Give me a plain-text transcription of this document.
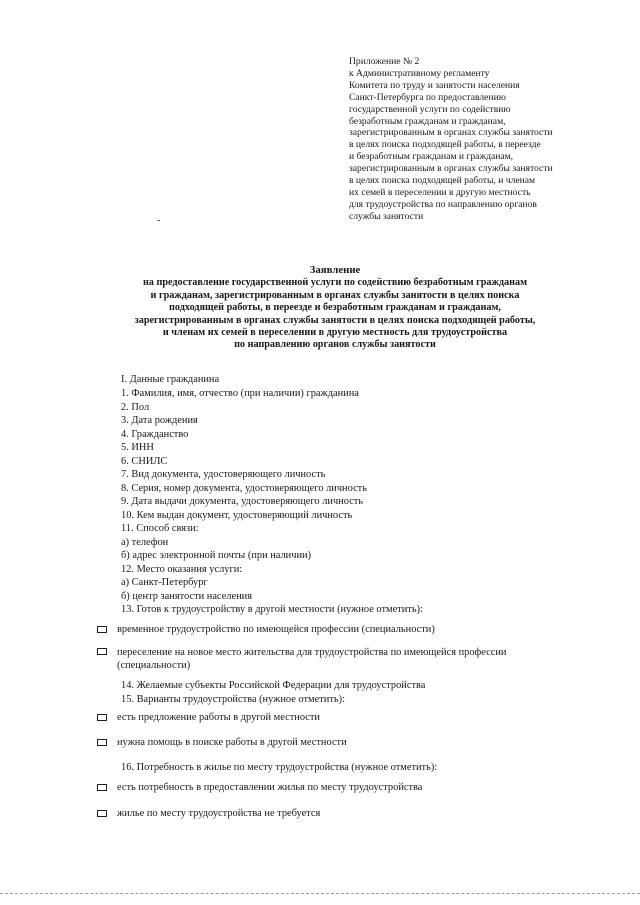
Приложение № 2
к Административному регламенту
Комитета по труду и занятости населения
Санкт-Петербурга по предоставлению
государственной услуги по содействию
безработным гражданам и гражданам,
зарегистрированным в органах службы занятости
в целях поиска подходящей работы, в переезде
и безработным гражданам и гражданам,
зарегистрированным в органах службы занятости
в целях поиска подходящей работы, и членам
их семей в переселении в другую местность
для трудоустройства по направлению органов
службы занятости
Заявление
на предоставление государственной услуги по содействию безработным гражданам
и гражданам, зарегистрированным в органах службы занятости в целях поиска
подходящей работы, в переезде и безработным гражданам и гражданам,
зарегистрированным в органах службы занятости в целях поиска подходящей работы,
и членам их семей в переселении в другую местность для трудоустройства
по направлению органов службы занятости
I. Данные гражданина
1. Фамилия, имя, отчество (при наличии) гражданина
2. Пол
3. Дата рождения
4. Гражданство
5. ИНН
6. СНИЛС
7. Вид документа, удостоверяющего личность
8. Серия, номер документа, удостоверяющего личность
9. Дата выдачи документа, удостоверяющего личность
10. Кем выдан документ, удостоверяющий личность
11. Способ связи:
а) телефон
б) адрес электронной почты (при наличии)
12. Место оказания услуги:
а) Санкт-Петербург
б) центр занятости населения
13. Готов к трудоустройству в другой местности (нужное отметить):
временное трудоустройство по имеющейся профессии (специальности)
переселение на новое место жительства для трудоустройства по имеющейся профессии (специальности)
14. Желаемые субъекты Российской Федерации для трудоустройства
15. Варианты трудоустройства (нужное отметить):
есть предложение работы в другой местности
нужна помощь в поиске работы в другой местности
16. Потребность в жилье по месту трудоустройства (нужное отметить):
есть потребность в предоставлении жилья по месту трудоустройства
жилье по месту трудоустройства не требуется
